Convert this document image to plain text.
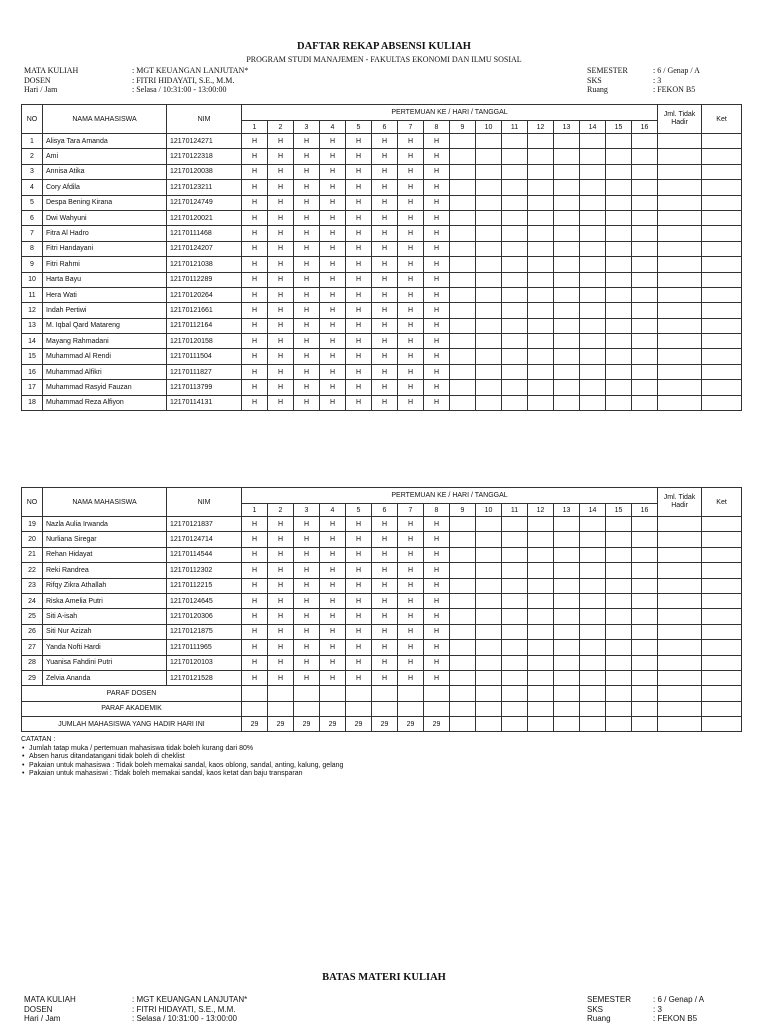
DAFTAR REKAP ABSENSI KULIAH
PROGRAM STUDI MANAJEMEN - FAKULTAS EKONOMI DAN ILMU SOSIAL
MATA KULIAH	: MGT KEUANGAN LANJUTAN*
DOSEN	: FITRI HIDAYATI, S.E., M.M.
Hari / Jam	: Selasa / 10:31:00 - 13:00:00
SEMESTER	: 6 / Genap / A
SKS	: 3
Ruang	: FEKON B5
NO	NAMA MAHASISWA	NIM	PERTEMUAN KE / HARI / TANGGAL																Jml. Tidak Hadir	Ket
			1	2	3	4	5	6	7	8	9	10	11	12	13	14	15	16		
1	Alisya Tara Amanda	12170124271	H	H	H	H	H	H	H	H										
2	Ami	12170122318	H	H	H	H	H	H	H	H										
3	Annisa Atika	12170120038	H	H	H	H	H	H	H	H										
4	Cory Afdila	12170123211	H	H	H	H	H	H	H	H										
5	Despa Bening Kirana	12170124749	H	H	H	H	H	H	H	H										
6	Dwi Wahyuni	12170120021	H	H	H	H	H	H	H	H										
7	Fitra Al Hadro	12170111468	H	H	H	H	H	H	H	H										
8	Fitri Handayani	12170124207	H	H	H	H	H	H	H	H										
9	Fitri Rahmi	12170121038	H	H	H	H	H	H	H	H										
10	Harta Bayu	12170112289	H	H	H	H	H	H	H	H										
11	Hera Wati	12170120264	H	H	H	H	H	H	H	H										
12	Indah Pertiwi	12170121661	H	H	H	H	H	H	H	H										
13	M. Iqbal Qard Matareng	12170112164	H	H	H	H	H	H	H	H										
14	Mayang Rahmadani	12170120158	H	H	H	H	H	H	H	H										
15	Muhammad Al Rendi	12170111504	H	H	H	H	H	H	H	H										
16	Muhammad Alfikri	12170111827	H	H	H	H	H	H	H	H										
17	Muhammad Rasyid Fauzan	12170113799	H	H	H	H	H	H	H	H										
18	Muhammad Reza Alfiyon	12170114131	H	H	H	H	H	H	H	H										
NO	NAMA MAHASISWA	NIM	PERTEMUAN KE / HARI / TANGGAL																Jml. Tidak Hadir	Ket
			1	2	3	4	5	6	7	8	9	10	11	12	13	14	15	16		
19	Nazla Aulia Irwanda	12170121837	H	H	H	H	H	H	H	H										
20	Nurliana Siregar	12170124714	H	H	H	H	H	H	H	H										
21	Rehan Hidayat	12170114544	H	H	H	H	H	H	H	H										
22	Reki Randrea	12170112302	H	H	H	H	H	H	H	H										
23	Rifqy Zikra Athallah	12170112215	H	H	H	H	H	H	H	H										
24	Riska Amelia Putri	12170124645	H	H	H	H	H	H	H	H										
25	Siti A-isah	12170120306	H	H	H	H	H	H	H	H										
26	Siti Nur Azizah	12170121875	H	H	H	H	H	H	H	H										
27	Yanda Nofti Hardi	12170111965	H	H	H	H	H	H	H	H										
28	Yuanisa Fahdini Putri	12170120103	H	H	H	H	H	H	H	H										
29	Zelvia Ananda	12170121528	H	H	H	H	H	H	H	H										
PARAF DOSEN																				
PARAF AKADEMIK																				
JUMLAH MAHASISWA YANG HADIR HARI INI			29	29	29	29	29	29	29	29										
CATATAN :
• Jumlah tatap muka / pertemuan mahasiswa tidak boleh kurang dari 80%
• Absen harus ditandatangani tidak boleh di cheklist
• Pakaian untuk mahasiswa : Tidak boleh memakai sandal, kaos oblong, sandal, anting, kalung, gelang
• Pakaian untuk mahasiswi : Tidak boleh memakai sandal, kaos ketat dan baju transparan
BATAS MATERI KULIAH
MATA KULIAH	: MGT KEUANGAN LANJUTAN*
DOSEN	: FITRI HIDAYATI, S.E., M.M.
Hari / Jam	: Selasa / 10:31:00 - 13:00:00
SEMESTER	: 6 / Genap / A
SKS	: 3
Ruang	: FEKON B5
